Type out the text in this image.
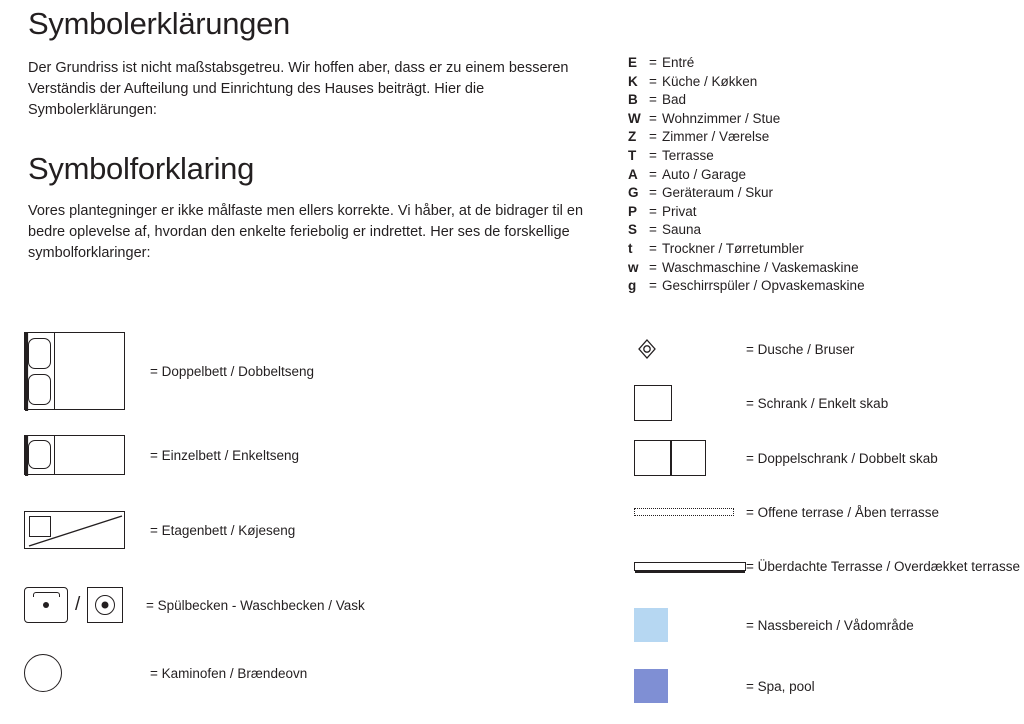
Symbolerklärungen
Der Grundriss ist nicht maßstabsgetreu. Wir hoffen aber, dass er zu einem besseren Verständis der Aufteilung und Einrichtung des Hauses beiträgt. Hier die Symbolerklärungen:
Symbolforklaring
Vores plantegninger er ikke målfaste men ellers korrekte. Vi håber, at de bidrager til en bedre oplevelse af, hvordan den enkelte feriebolig er indrettet. Her ses de forskellige symbolforklaringer:
= Doppelbett / Dobbeltseng
= Einzelbett / Enkeltseng
= Etagenbett / Køjeseng
/	= Spülbecken - Waschbecken / Vask
= Kaminofen / Brændeovn
E = Entré
K = Küche / Køkken
B = Bad
W = Wohnzimmer / Stue
Z = Zimmer / Værelse
T = Terrasse
A = Auto / Garage
G = Geräteraum / Skur
P = Privat
S = Sauna
t	= Trockner / Tørretumbler
w = Waschmaschine / Vaskemaskine
g = Geschirrspüler / Opvaskemaskine
= Dusche / Bruser
= Schrank / Enkelt skab
= Doppelschrank / Dobbelt skab
= Offene terrase / Åben terrasse
= Überdachte Terrasse / Overdækket terrasse
= Nassbereich / Vådområde
= Spa, pool
